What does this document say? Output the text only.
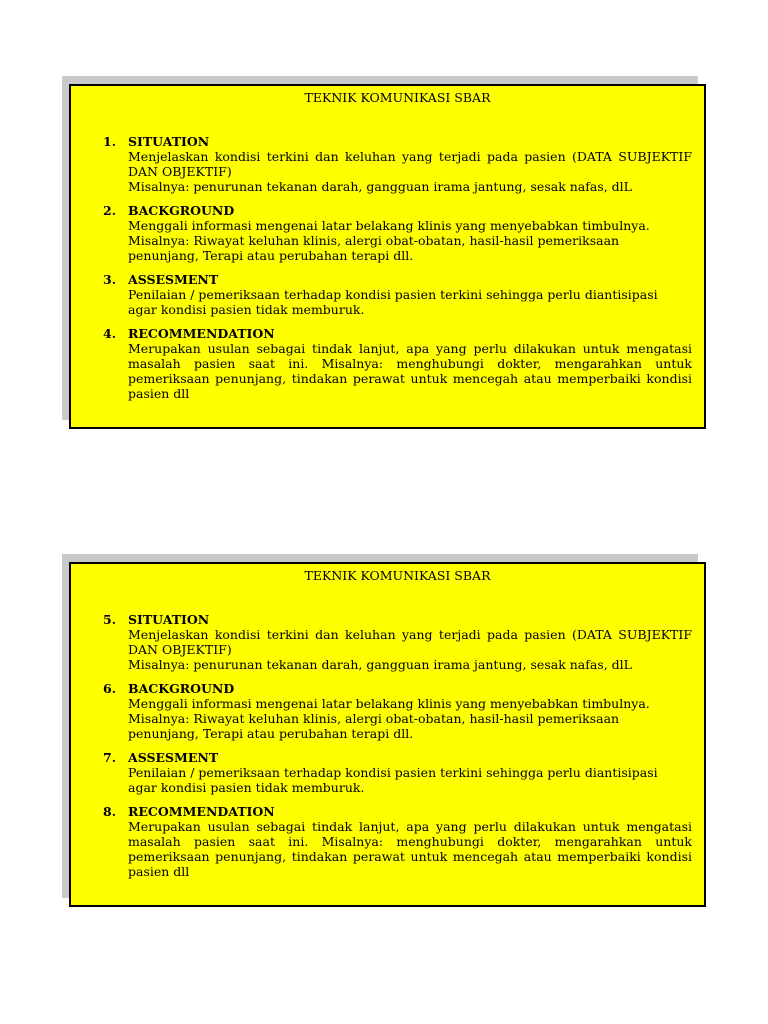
TEKNIK KOMUNIKASI SBAR
1. SITUATION

Menjelaskan kondisi terkini dan keluhan yang terjadi pada pasien (DATA SUBJEKTIF DAN OBJEKTIF)

Misalnya: penurunan tekanan darah, gangguan irama jantung, sesak nafas, dlL

2. BACKGROUND

Menggali informasi mengenai latar belakang klinis yang menyebabkan timbulnya.

Misalnya: Riwayat keluhan klinis, alergi obat-obatan, hasil-hasil pemeriksaan penunjang, Terapi atau perubahan terapi dll.

3. ASSESMENT

Penilaian / pemeriksaan terhadap kondisi pasien terkini sehingga perlu diantisipasi agar kondisi pasien tidak memburuk.

4. RECOMMENDATION

Merupakan usulan sebagai tindak lanjut, apa yang perlu dilakukan untuk mengatasi masalah pasien saat ini. Misalnya: menghubungi dokter, mengarahkan untuk pemeriksaan penunjang, tindakan perawat untuk mencegah atau memperbaiki kondisi pasien dll

TEKNIK KOMUNIKASI SBAR
5. SITUATION

Menjelaskan kondisi terkini dan keluhan yang terjadi pada pasien (DATA SUBJEKTIF DAN OBJEKTIF)

Misalnya: penurunan tekanan darah, gangguan irama jantung, sesak nafas, dlL

6. BACKGROUND

Menggali informasi mengenai latar belakang klinis yang menyebabkan timbulnya.

Misalnya: Riwayat keluhan klinis, alergi obat-obatan, hasil-hasil pemeriksaan penunjang, Terapi atau perubahan terapi dll.

7. ASSESMENT

Penilaian / pemeriksaan terhadap kondisi pasien terkini sehingga perlu diantisipasi agar kondisi pasien tidak memburuk.

8. RECOMMENDATION

Merupakan usulan sebagai tindak lanjut, apa yang perlu dilakukan untuk mengatasi masalah pasien saat ini. Misalnya: menghubungi dokter, mengarahkan untuk pemeriksaan penunjang, tindakan perawat untuk mencegah atau memperbaiki kondisi pasien dll
